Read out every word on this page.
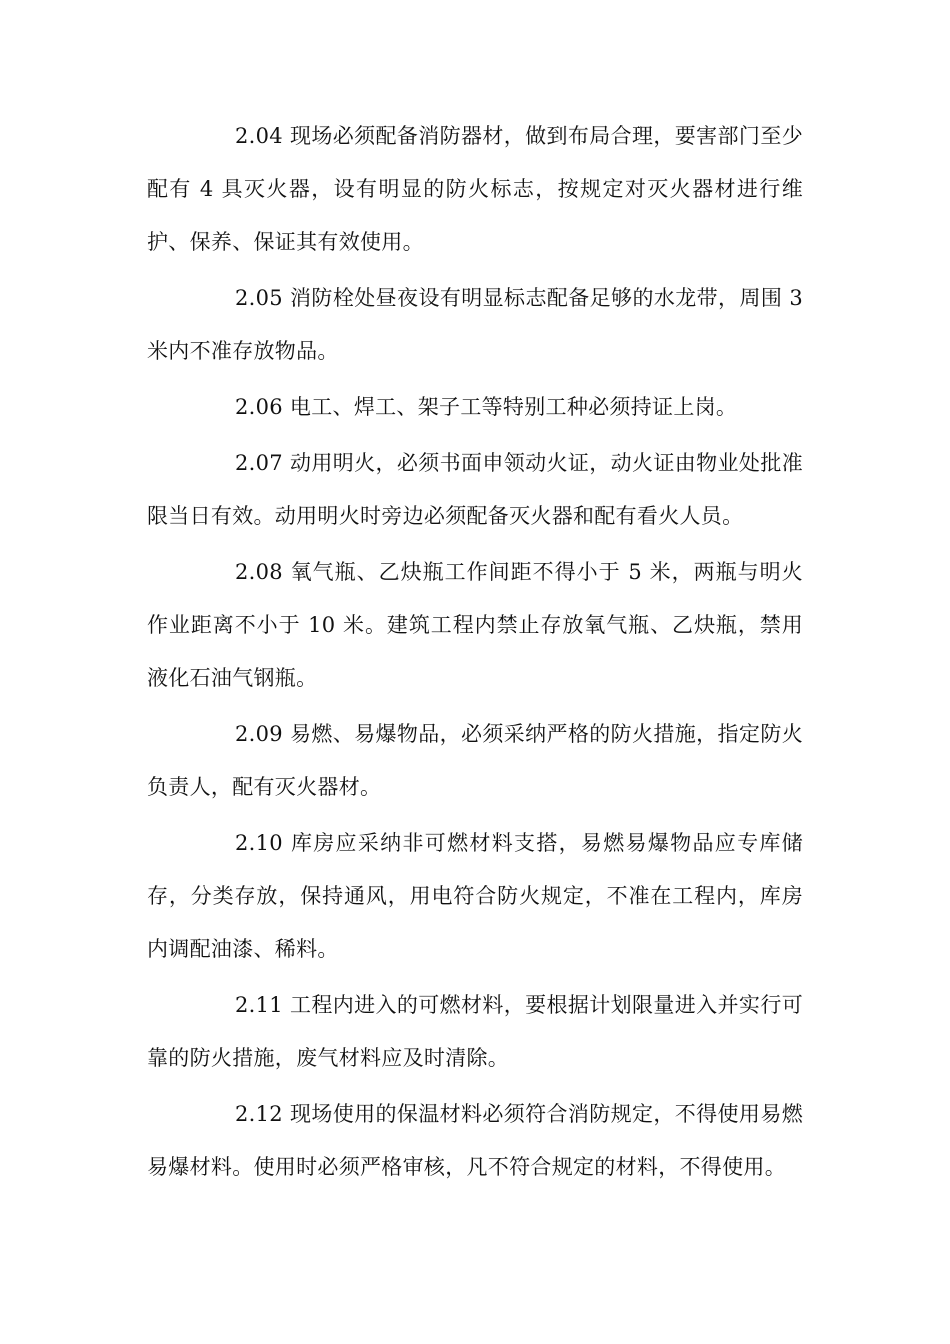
2.04 现场必须配备消防器材，做到布局合理，要害部门至少配有 4 具灭火器，设有明显的防火标志，按规定对灭火器材进行维护、保养、保证其有效使用。

2.05 消防栓处昼夜设有明显标志配备足够的水龙带，周围 3 米内不准存放物品。

2.06 电工、焊工、架子工等特别工种必须持证上岗。

2.07 动用明火，必须书面申领动火证，动火证由物业处批准限当日有效。动用明火时旁边必须配备灭火器和配有看火人员。

2.08 氧气瓶、乙炔瓶工作间距不得小于 5 米，两瓶与明火作业距离不小于 10 米。建筑工程内禁止存放氧气瓶、乙炔瓶，禁用液化石油气钢瓶。

2.09 易燃、易爆物品，必须采纳严格的防火措施，指定防火负责人，配有灭火器材。

2.10 库房应采纳非可燃材料支搭，易燃易爆物品应专库储存，分类存放，保持通风，用电符合防火规定，不准在工程内，库房内调配油漆、稀料。

2.11 工程内进入的可燃材料，要根据计划限量进入并实行可靠的防火措施，废气材料应及时清除。

2.12 现场使用的保温材料必须符合消防规定，不得使用易燃易爆材料。使用时必须严格审核，凡不符合规定的材料，不得使用。
